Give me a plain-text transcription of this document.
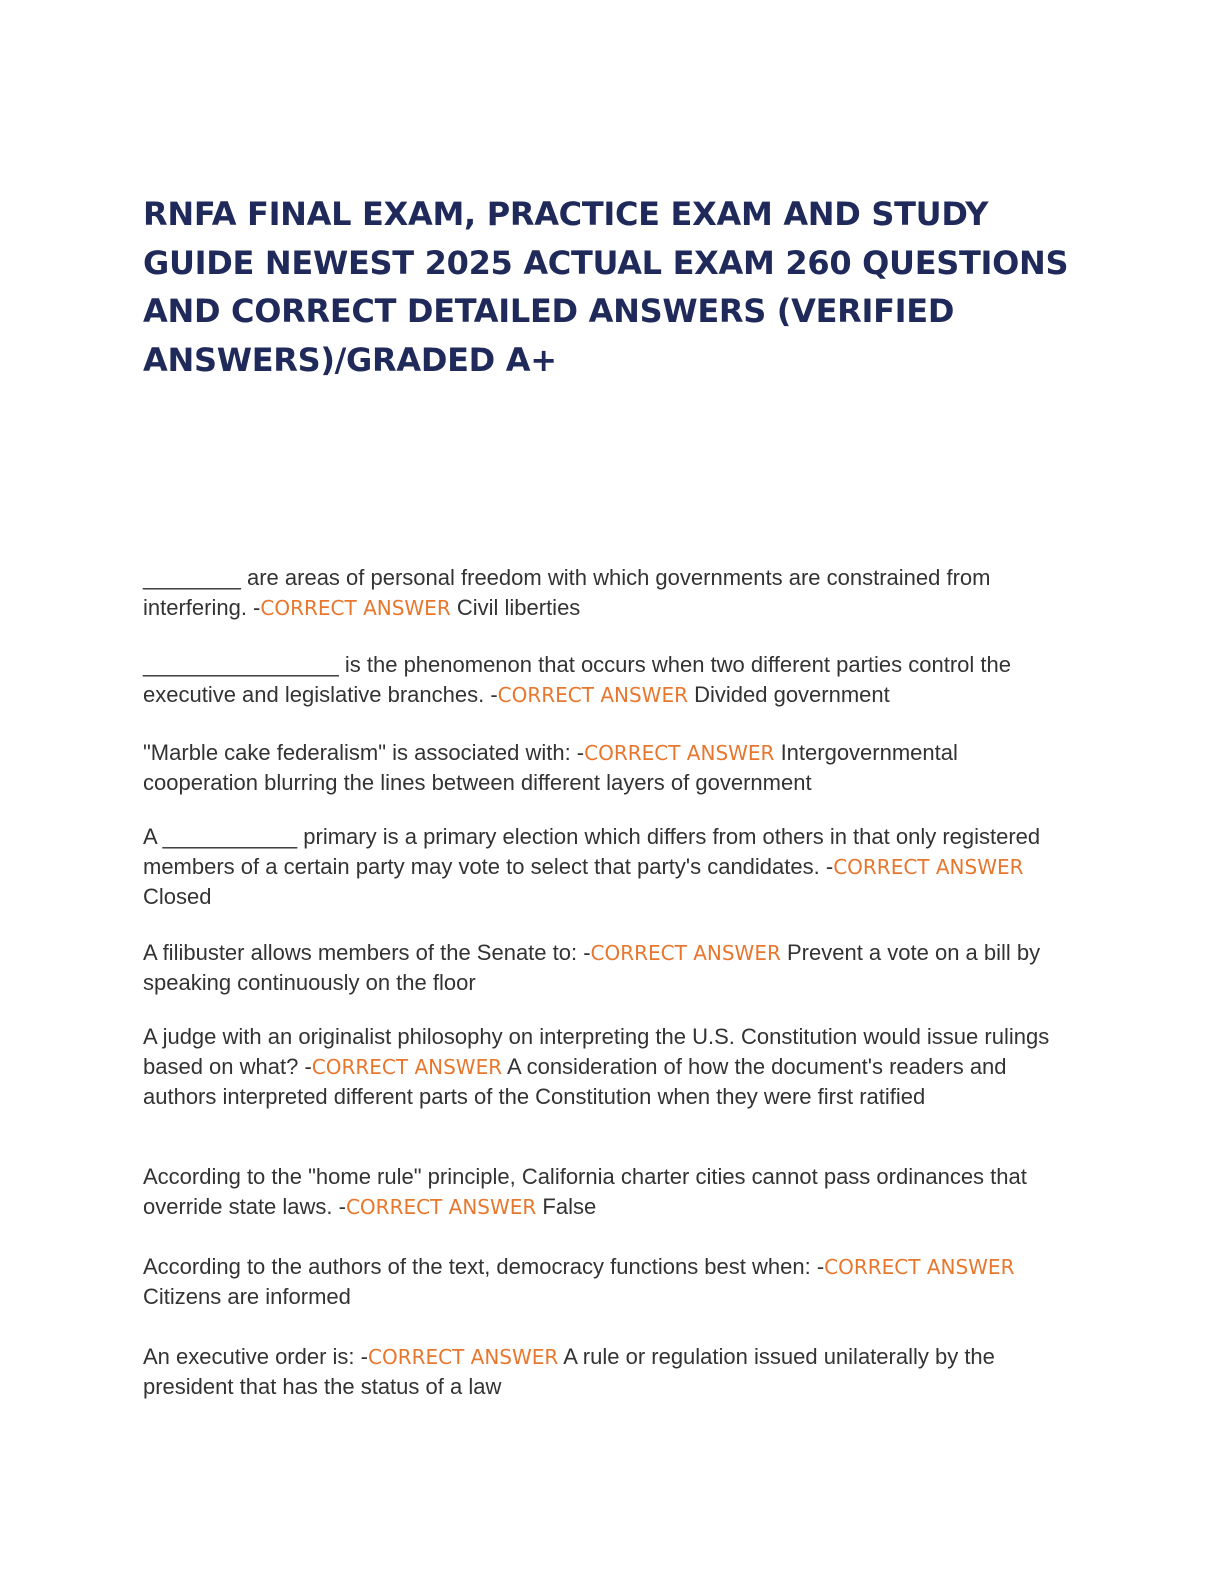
RNFA FINAL EXAM, PRACTICE EXAM AND STUDY GUIDE NEWEST 2025 ACTUAL EXAM 260 QUESTIONS AND CORRECT DETAILED ANSWERS (VERIFIED ANSWERS)/GRADED A+

________ are areas of personal freedom with which governments are constrained from interfering. -CORRECT ANSWER Civil liberties

________________ is the phenomenon that occurs when two different parties control the executive and legislative branches. -CORRECT ANSWER Divided government

"Marble cake federalism" is associated with: -CORRECT ANSWER Intergovernmental cooperation blurring the lines between different layers of government

A ___________ primary is a primary election which differs from others in that only registered members of a certain party may vote to select that party's candidates. -CORRECT ANSWER Closed

A filibuster allows members of the Senate to: -CORRECT ANSWER Prevent a vote on a bill by speaking continuously on the floor

A judge with an originalist philosophy on interpreting the U.S. Constitution would issue rulings based on what? -CORRECT ANSWER A consideration of how the document's readers and authors interpreted different parts of the Constitution when they were first ratified

According to the "home rule" principle, California charter cities cannot pass ordinances that override state laws. -CORRECT ANSWER False

According to the authors of the text, democracy functions best when: -CORRECT ANSWER Citizens are informed

An executive order is: -CORRECT ANSWER A rule or regulation issued unilaterally by the president that has the status of a law
